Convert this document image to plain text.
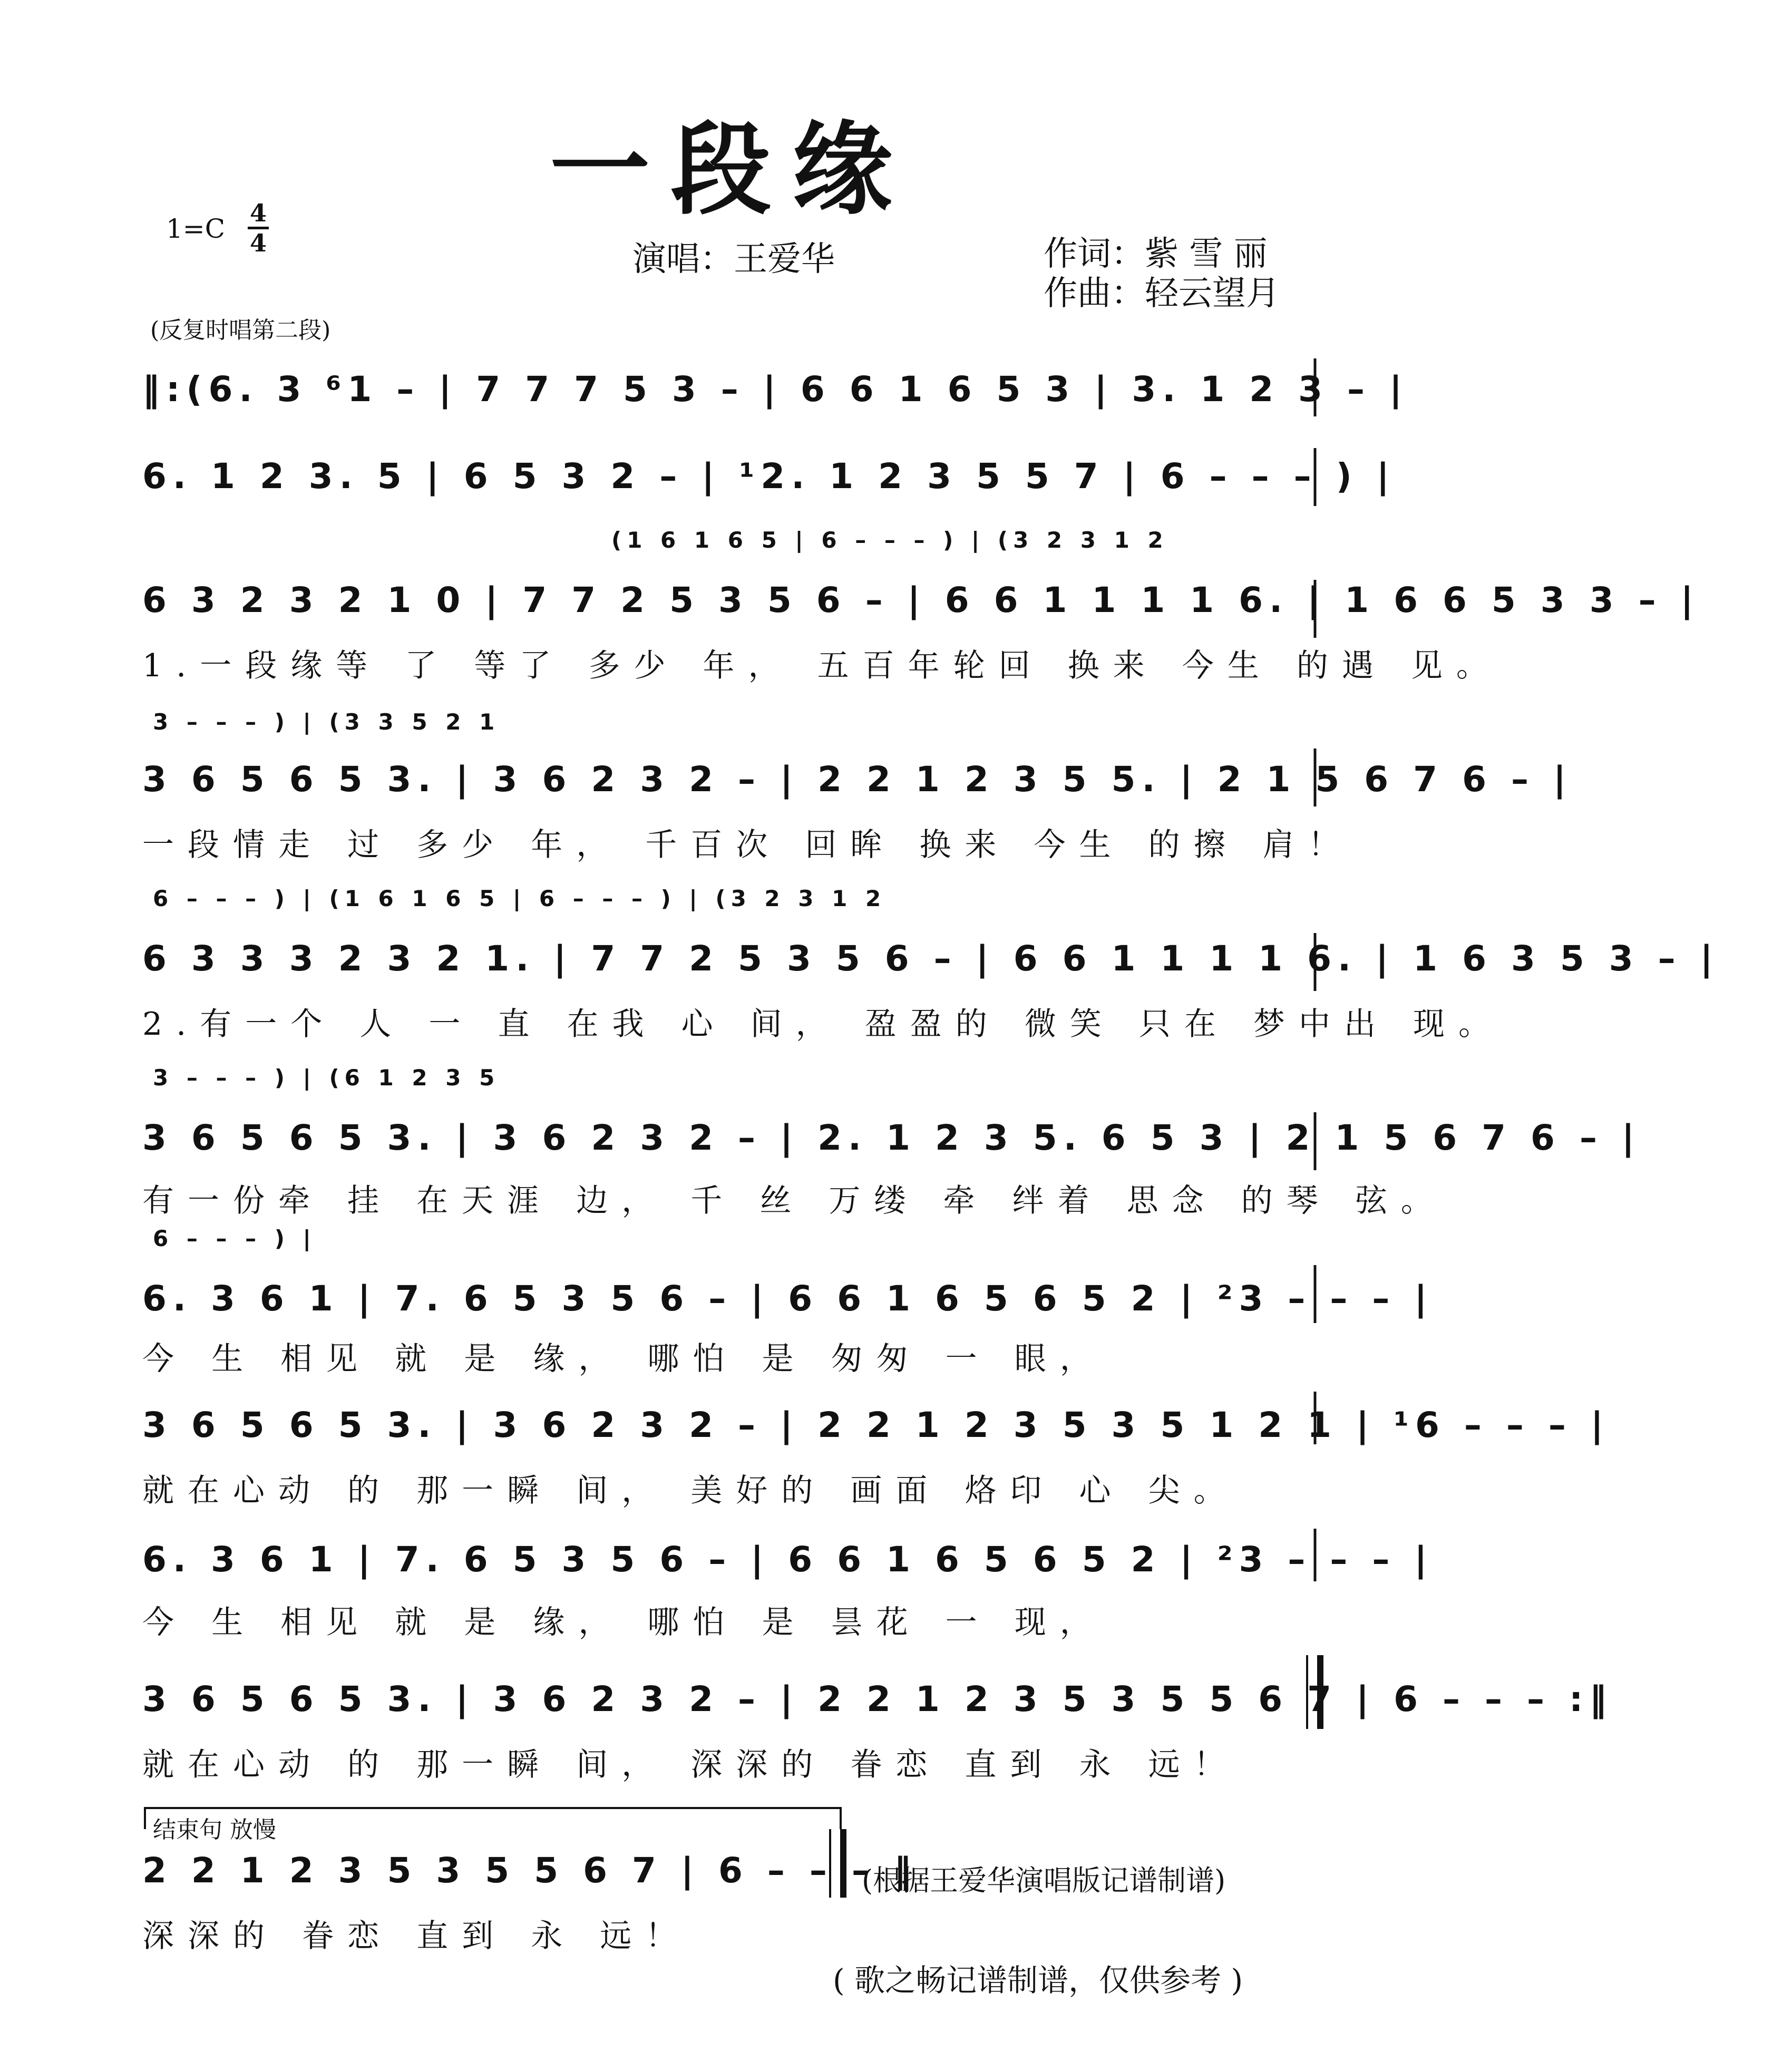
一段缘
1=C
4
4	演唱：王爱华	作词：紫 雪 丽
作曲：轻云望月
(反复时唱第二段)
‖:(6. 3 ⁶1 – | 7 7 7 5 3 – | 6 6 1 6 5 3 | 3. 1 2 3 – |
6. 1 2 3. 5 | 6 5 3 2 – | ¹2. 1 2 3 5 5 7 | 6 – – – ) |
(1 6 1 6 5 | 6 – – – ) | (3 2 3 1 2
6 3 2 3 2 1 0 | 7 7 2 5 3 5 6 – | 6 6 1 1 1 1 6. | 1 6 6 5 3 3 – |
1.一段缘等 了 等了 多少 年， 五百年轮回 换来 今生 的遇 见。
3 – – – ) | (3 3 5 2 1
3 6 5 6 5 3. | 3 6 2 3 2 – | 2 2 1 2 3 5 5. | 2 1 5 6 7 6 – |
一段情走 过 多少 年， 千百次 回眸 换来 今生 的擦 肩！
6 – – – ) | (1 6 1 6 5 | 6 – – – ) | (3 2 3 1 2
6 3 3 3 2 3 2 1. | 7 7 2 5 3 5 6 – | 6 6 1 1 1 1 6. | 1 6 3 5 3 – |
2.有一个 人 一 直 在我 心 间， 盈盈的 微笑 只在 梦中出 现。
3 – – – ) | (6 1 2 3 5
3 6 5 6 5 3. | 3 6 2 3 2 – | 2. 1 2 3 5. 6 5 3 | 2 1 5 6 7 6 – |
有一份牵 挂 在天涯 边， 千 丝 万缕 牵 绊着 思念 的琴 弦。
6 – – – ) |
6. 3 6 1 | 7. 6 5 3 5 6 – | 6 6 1 6 5 6 5 2 | ²3 – – – |
今 生 相见 就 是 缘， 哪怕 是 匆匆 一 眼，
3 6 5 6 5 3. | 3 6 2 3 2 – | 2 2 1 2 3 5 3 5 1 2 1 | ¹6 – – – |
就在心动 的 那一瞬 间， 美好的 画面 烙印 心 尖。
6. 3 6 1 | 7. 6 5 3 5 6 – | 6 6 1 6 5 6 5 2 | ²3 – – – |
今 生 相见 就 是 缘， 哪怕 是 昙花 一 现，
3 6 5 6 5 3. | 3 6 2 3 2 – | 2 2 1 2 3 5 3 5 5 6 7 | 6 – – – :‖
就在心动 的 那一瞬 间， 深深的 眷恋 直到 永 远！
结束句 放慢
2 2 1 2 3 5 3 5 5 6 7 | 6 – – – ‖
深深的 眷恋 直到 永 远！
(根据王爱华演唱版记谱制谱)
( 歌之畅记谱制谱，仅供参考 )
